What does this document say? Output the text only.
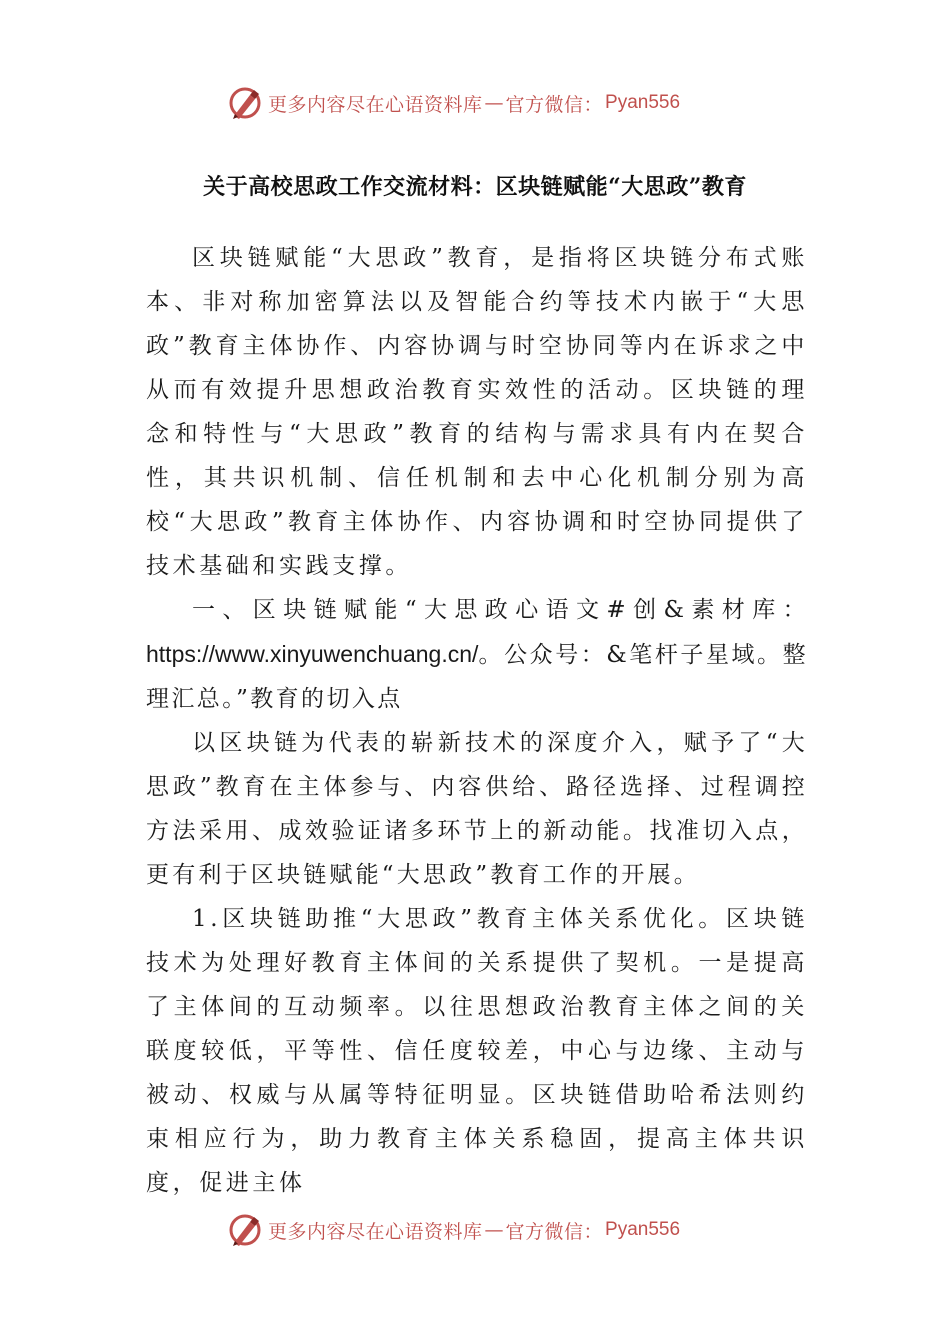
更多内容尽在心语资料库 — 官方微信： Pyan556
关于高校思政工作交流材料：区块链赋能“大思政”教育

区块链赋能“大思政”教育，是指将区块链分布式账本、非对称加密算法以及智能合约等技术内嵌于“大思政”教育主体协作、内容协调与时空协同等内在诉求之中从而有效提升思想政治教育实效性的活动。区块链的理念和特性与“大思政”教育的结构与需求具有内在契合性，其共识机制、信任机制和去中心化机制分别为高校“大思政”教育主体协作、内容协调和时空协同提供了技术基础和实践支撑。

一、区块链赋能“大思政心语文#创&素材库：https://www.xinyuwenchuang.cn/。公众号：&笔杆子星域。整理汇总。”教育的切入点

以区块链为代表的崭新技术的深度介入，赋予了“大思政”教育在主体参与、内容供给、路径选择、过程调控方法采用、成效验证诸多环节上的新动能。找准切入点，更有利于区块链赋能“大思政”教育工作的开展。

1.区块链助推“大思政”教育主体关系优化。区块链技术为处理好教育主体间的关系提供了契机。一是提高了主体间的互动频率。以往思想政治教育主体之间的关联度较低，平等性、信任度较差，中心与边缘、主动与被动、权威与从属等特征明显。区块链借助哈希法则约束相应行为，助力教育主体关系稳固，提高主体共识度，促进主体

更多内容尽在心语资料库 — 官方微信： Pyan556
